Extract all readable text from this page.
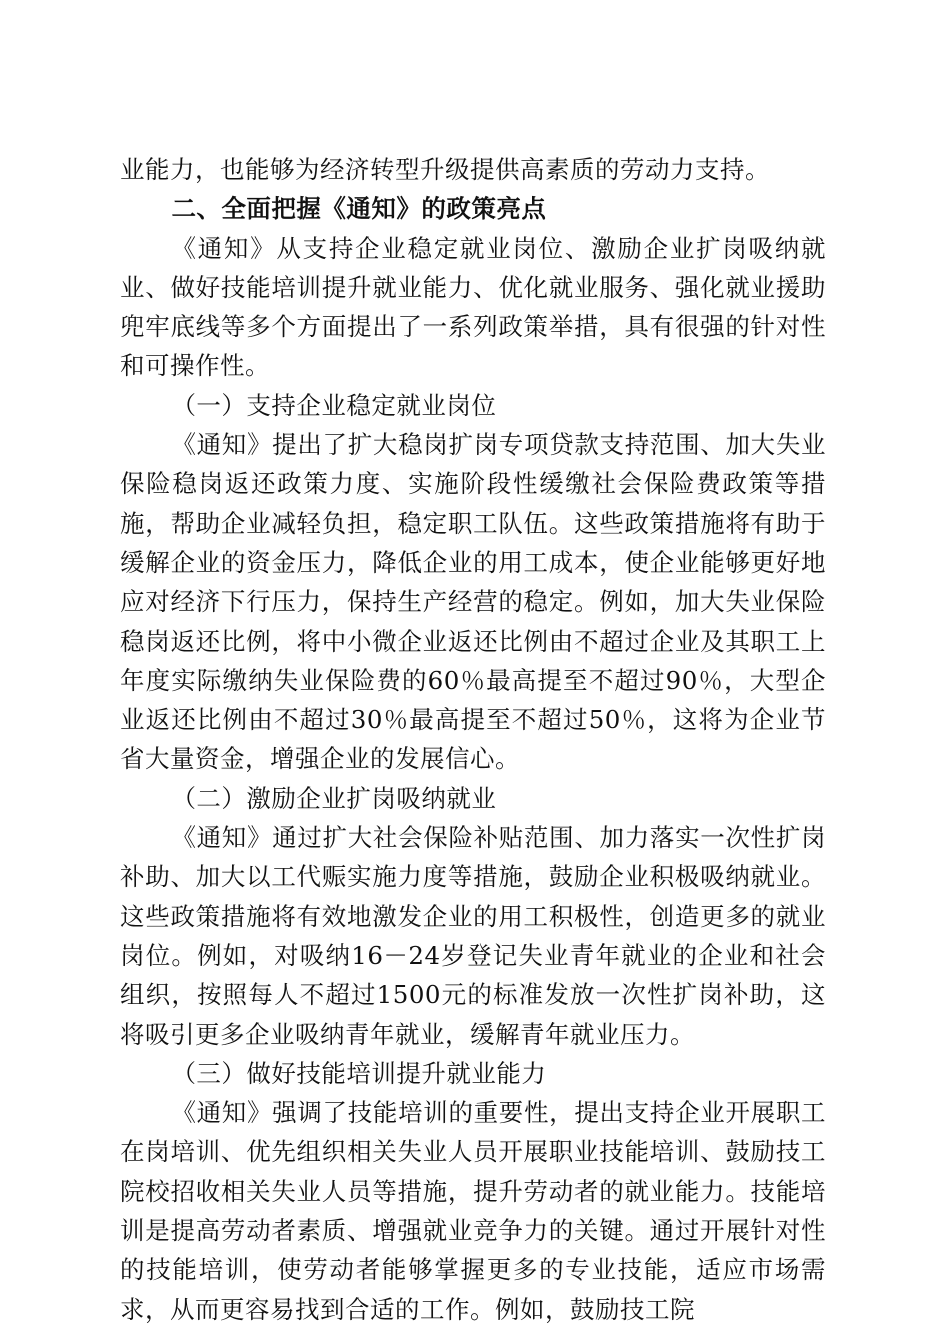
业能力，也能够为经济转型升级提供高素质的劳动力支持。

二、全面把握《通知》的政策亮点

《通知》从支持企业稳定就业岗位、激励企业扩岗吸纳就业、做好技能培训提升就业能力、优化就业服务、强化就业援助兜牢底线等多个方面提出了一系列政策举措，具有很强的针对性和可操作性。

（一）支持企业稳定就业岗位

《通知》提出了扩大稳岗扩岗专项贷款支持范围、加大失业保险稳岗返还政策力度、实施阶段性缓缴社会保险费政策等措施，帮助企业减轻负担，稳定职工队伍。这些政策措施将有助于缓解企业的资金压力，降低企业的用工成本，使企业能够更好地应对经济下行压力，保持生产经营的稳定。例如，加大失业保险稳岗返还比例，将中小微企业返还比例由不超过企业及其职工上年度实际缴纳失业保险费的60％最高提至不超过90％，大型企业返还比例由不超过30％最高提至不超过50％，这将为企业节省大量资金，增强企业的发展信心。

（二）激励企业扩岗吸纳就业

《通知》通过扩大社会保险补贴范围、加力落实一次性扩岗补助、加大以工代赈实施力度等措施，鼓励企业积极吸纳就业。这些政策措施将有效地激发企业的用工积极性，创造更多的就业岗位。例如，对吸纳16－24岁登记失业青年就业的企业和社会组织，按照每人不超过1500元的标准发放一次性扩岗补助，这将吸引更多企业吸纳青年就业，缓解青年就业压力。

（三）做好技能培训提升就业能力

《通知》强调了技能培训的重要性，提出支持企业开展职工在岗培训、优先组织相关失业人员开展职业技能培训、鼓励技工院校招收相关失业人员等措施，提升劳动者的就业能力。技能培训是提高劳动者素质、增强就业竞争力的关键。通过开展针对性的技能培训，使劳动者能够掌握更多的专业技能，适应市场需求，从而更容易找到合适的工作。例如，鼓励技工院
